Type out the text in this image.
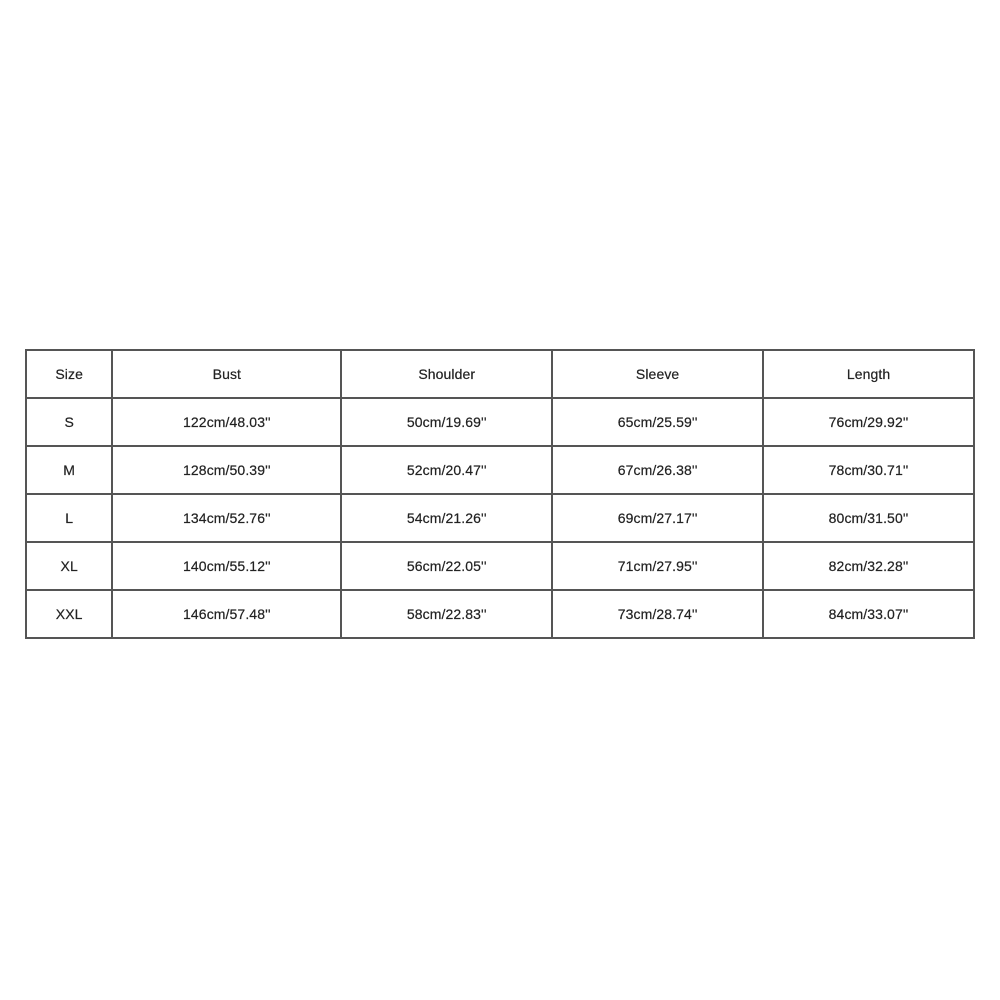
Size	Bust	Shoulder	Sleeve	Length
S	122cm/48.03''	50cm/19.69''	65cm/25.59''	76cm/29.92''
M	128cm/50.39''	52cm/20.47''	67cm/26.38''	78cm/30.71''
L	134cm/52.76''	54cm/21.26''	69cm/27.17''	80cm/31.50''
XL	140cm/55.12''	56cm/22.05''	71cm/27.95''	82cm/32.28''
XXL	146cm/57.48''	58cm/22.83''	73cm/28.74''	84cm/33.07''
